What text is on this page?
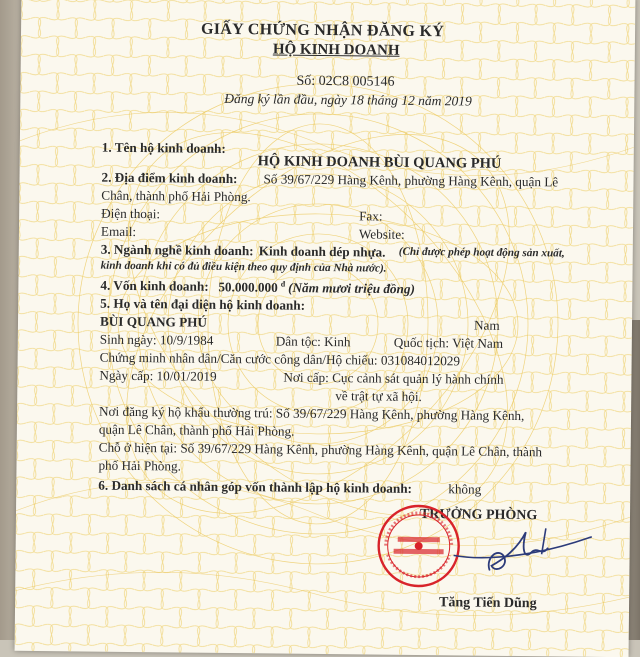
GIẤY CHỨNG NHẬN ĐĂNG KÝ
HỘ KINH DOANH
Số: 02C8 005146
Đăng ký lần đầu, ngày 18 tháng 12 năm 2019
1. Tên hộ kinh doanh:
HỘ KINH DOANH BÙI QUANG PHÚ
2. Địa điểm kinh doanh: Số 39/67/229 Hàng Kênh, phường Hàng Kênh, quận Lê
Chân, thành phố Hải Phòng.
Điện thoại:	Fax:
Email:	Website:
3. Ngành nghề kinh doanh: Kinh doanh dép nhựa. (Chỉ được phép hoạt động sản xuất,
kinh doanh khi có đủ điều kiện theo quy định của Nhà nước).
4. Vốn kinh doanh: 50.000.000 $^đ$ (Năm mươi triệu đồng)
5. Họ và tên đại diện hộ kinh doanh:
BÙI QUANG PHÚ	Nam
Sinh ngày: 10/9/1984	Dân tộc: Kinh	Quốc tịch: Việt Nam
Chứng minh nhân dân/Căn cước công dân/Hộ chiếu: 031084012029
Ngày cấp: 10/01/2019	Nơi cấp: Cục cảnh sát quản lý hành chính
về trật tự xã hội.
Nơi đăng ký hộ khẩu thường trú: Số 39/67/229 Hàng Kênh, phường Hàng Kênh,
quận Lê Chân, thành phố Hải Phòng.
Chỗ ở hiện tại: Số 39/67/229 Hàng Kênh, phường Hàng Kênh, quận Lê Chân, thành
phố Hải Phòng.
6. Danh sách cá nhân góp vốn thành lập hộ kinh doanh:	không
TRƯỞNG PHÒNG
Tăng Tiến Dũng
